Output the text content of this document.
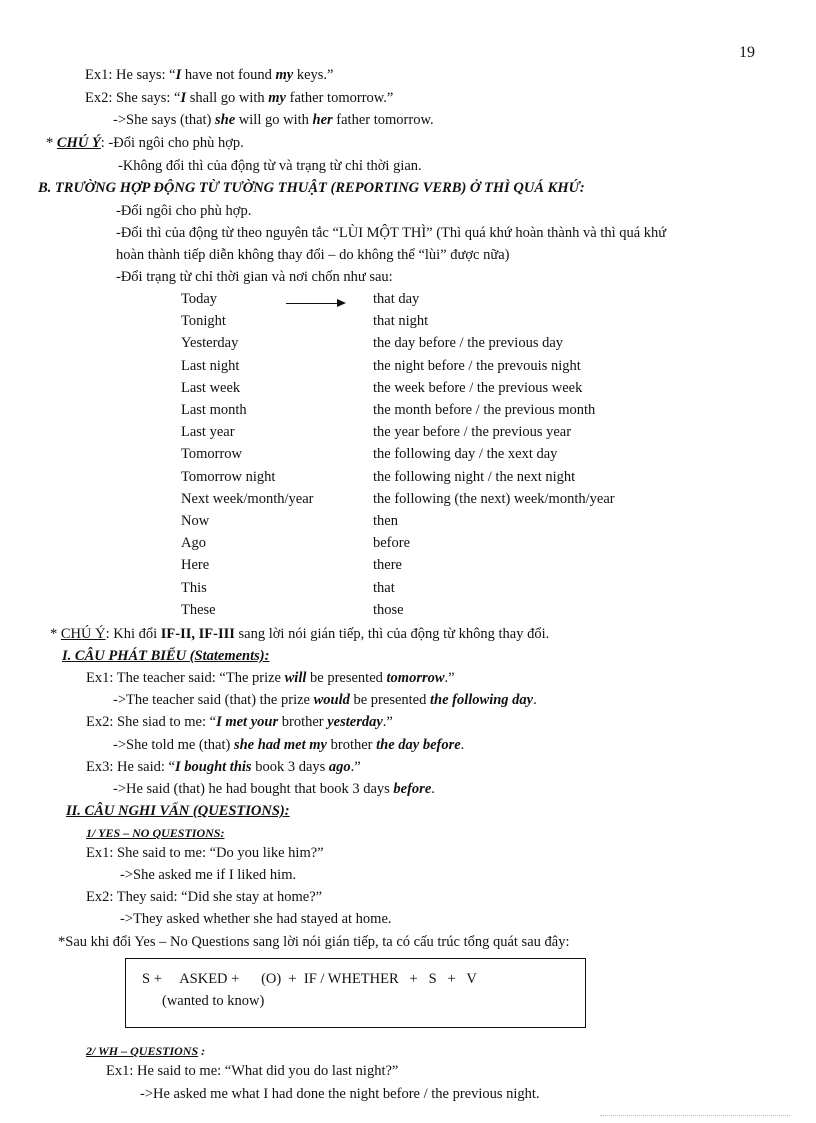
19
Ex1: He says: “I have not found my keys.”
Ex2: She says: “I shall go with my father tomorrow.”
->She says (that) she will go with her father tomorrow.
* CHÚ Ý: -Đổi ngôi cho phù hợp.
-Không đổi thì của động từ và trạng từ chỉ thời gian.
B. TRƯỜNG HỢP ĐỘNG TỪ TƯỜNG THUẬT (REPORTING VERB) Ở THÌ QUÁ KHỨ:
-Đổi ngôi cho phù hợp.
-Đổi thì của động từ theo nguyên tắc “LÙI MỘT THÌ” (Thì quá khứ hoàn thành và thì quá khứ
hoàn thành tiếp diễn không thay đổi – do không thể “lùi” được nữa)
-Đổi trạng từ chỉ thời gian và nơi chốn như sau:
Today	that day
Tonight	that night
Yesterday	the day before / the previous day
Last night	the night before / the prevouis night
Last week	the week before / the previous week
Last month	the month before / the previous month
Last year	the year before / the previous year
Tomorrow	the following day / the xext day
Tomorrow night	the following night / the next night
Next week/month/year	the following (the next) week/month/year
Now	then
Ago	before
Here	there
This	that
These	those
* CHÚ Ý: Khi đổi IF-II, IF-III sang lời nói gián tiếp, thì của động từ không thay đổi.
I. CÂU PHÁT BIỂU (Statements):
Ex1: The teacher said: “The prize will be presented tomorrow.”
->The teacher said (that) the prize would be presented the following day.
Ex2: She siad to me: “I met your brother yesterday.”
->She told me (that) she had met my brother the day before.
Ex3: He said: “I bought this book 3 days ago.”
->He said (that) he had bought that book 3 days before.
II. CÂU NGHI VẤN (QUESTIONS):
1/ YES – NO QUESTIONS:
Ex1: She said to me: “Do you like him?”
->She asked me if I liked him.
Ex2: They said: “Did she stay at home?”
->They asked whether she had stayed at home.
*Sau khi đổi Yes – No Questions sang lời nói gián tiếp, ta có cấu trúc tổng quát sau đây:
S +     ASKED +      (O)  +  IF / WHETHER   +   S   +   V
(wanted to know)
2/ WH – QUESTIONS :
Ex1: He said to me: “What did you do last night?”
->He asked me what I had done the night before / the previous night.
